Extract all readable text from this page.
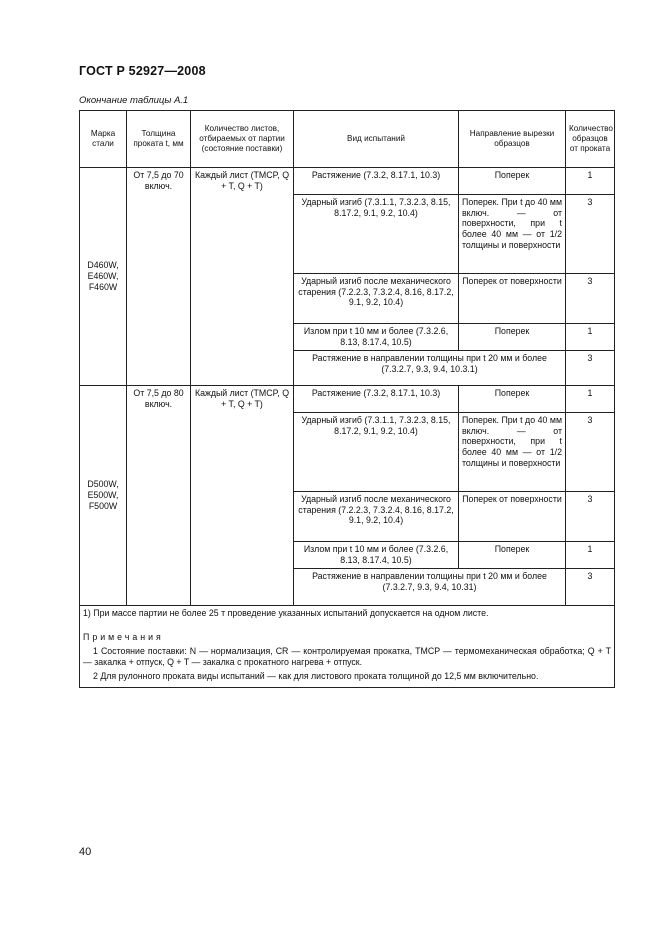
ГОСТ Р 52927—2008
Окончание таблицы А.1
Марка стали	Толщина проката t, мм	Количество листов, отбираемых от партии (состояние поставки)	Вид испытаний	Направление вырезки образцов	Количество образцов от проката
D460W, E460W, F460W	От 7,5 до 70 включ.	Каждый лист (TMCP, Q + T, Q + T)	Растяжение (7.3.2, 8.17.1, 10.3)	Поперек	1
			Ударный изгиб (7.3.1.1, 7.3.2.3, 8.15, 8.17.2, 9.1, 9.2, 10.4)	Поперек. При t до 40 мм включ. — от поверхности, при t более 40 мм — от 1/2 толщины и поверхности	3
			Ударный изгиб после механического старения (7.2.2.3, 7.3.2.4, 8.16, 8.17.2, 9.1, 9.2, 10.4)	Поперек от поверхности	3
			Излом при t 10 мм и более (7.3.2.6, 8.13, 8.17.4, 10.5)	Поперек	1
			Растяжение в направлении толщины при t 20 мм и более (7.3.2.7, 9.3, 9.4, 10.3.1)		3
D500W, E500W, F500W	От 7,5 до 80 включ.	Каждый лист (TMCP, Q + T, Q + T)	Растяжение (7.3.2, 8.17.1, 10.3)	Поперек	1
			Ударный изгиб (7.3.1.1, 7.3.2.3, 8.15, 8.17.2, 9.1, 9.2, 10.4)	Поперек. При t до 40 мм включ. — от поверхности, при t более 40 мм — от 1/2 толщины и поверхности	3
			Ударный изгиб после механического старения (7.2.2.3, 7.3.2.4, 8.16, 8.17.2, 9.1, 9.2, 10.4)	Поперек от поверхности	3
			Излом при t 10 мм и более (7.3.2.6, 8.13, 8.17.4, 10.5)	Поперек	1
			Растяжение в направлении толщины при t 20 мм и более (7.3.2.7, 9.3, 9.4, 10.31)		3

1) При массе партии не более 25 т проведение указанных испытаний допускается на одном листе.
Примечания
1 Состояние поставки: N — нормализация, CR — контролируемая прокатка, TMCP — термомеханическая обработка; Q + T — закалка + отпуск, Q + T — закалка с прокатного нагрева + отпуск.
2 Для рулонного проката виды испытаний — как для листового проката толщиной до 12,5 мм включительно.					
40
